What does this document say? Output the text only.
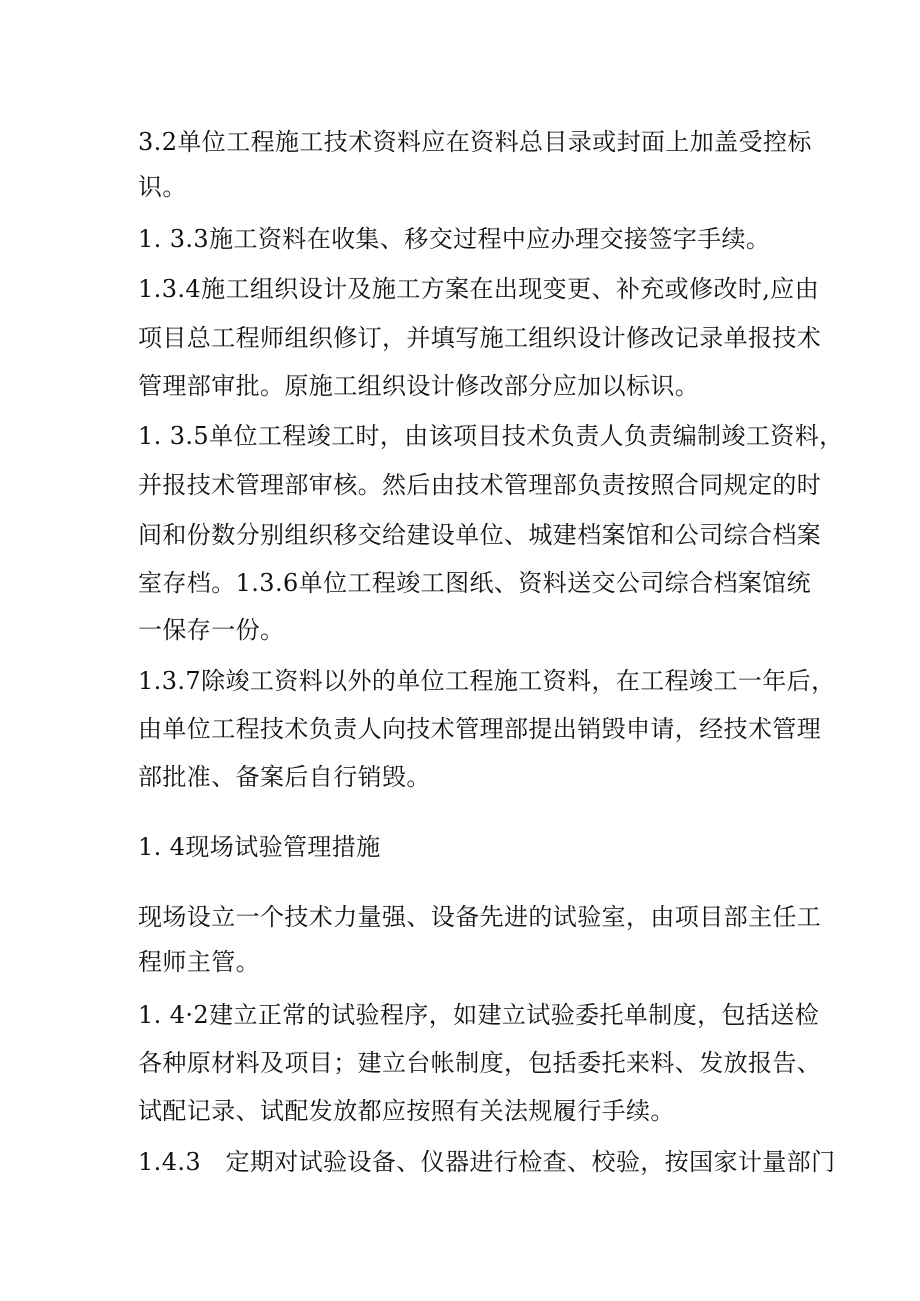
3.2单位工程施工技术资料应在资料总目录或封面上加盖受控标
识。
1. 3.3施工资料在收集、移交过程中应办理交接签字手续。
1.3.4施工组织设计及施工方案在出现变更、补充或修改时,应由
项目总工程师组织修订，并填写施工组织设计修改记录单报技术
管理部审批。原施工组织设计修改部分应加以标识。
1. 3.5单位工程竣工时，由该项目技术负责人负责编制竣工资料，
并报技术管理部审核。然后由技术管理部负责按照合同规定的时
间和份数分别组织移交给建设单位、城建档案馆和公司综合档案
室存档。1.3.6单位工程竣工图纸、资料送交公司综合档案馆统
一保存一份。
1.3.7除竣工资料以外的单位工程施工资料，在工程竣工一年后，
由单位工程技术负责人向技术管理部提出销毁申请，经技术管理
部批准、备案后自行销毁。
1. 4现场试验管理措施
现场设立一个技术力量强、设备先进的试验室，由项目部主任工
程师主管。
1. 4·2建立正常的试验程序，如建立试验委托单制度，包括送检
各种原材料及项目；建立台帐制度，包括委托来料、发放报告、
试配记录、试配发放都应按照有关法规履行手续。
1.4.3　定期对试验设备、仪器进行检查、校验，按国家计量部门
